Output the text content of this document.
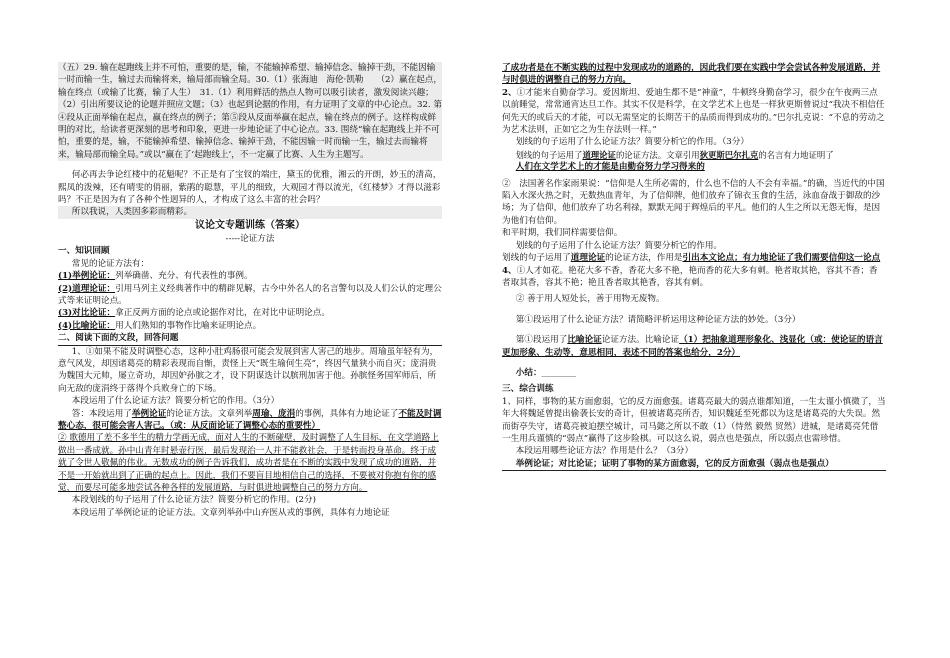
（五）29. 输在起跑线上并不可怕，重要的是，输，不能输掉希望、输掉信念、输掉干劲，不能因输一时而输一生，输过去而输将来，输局部而输全局。30.（1）张海迪　海伦·凯勒　　（2）赢在起点，输在终点（或输了比赛，输了人生）　31.（1）利用鲜活的热点人物可以吸引读者，激发阅读兴趣；（2）引出所要议论的论题并照应文题；（3）也起到论据的作用，有力证明了文章的中心论点。32. 第④段从正面举输在起点，赢在终点的例子；第⑤段从反面举赢在起点，输在终点的例子。这样构成鲜明的对比，给读者更深刻的思考和印象，更进一步地论证了中心论点。33. 围绕“输在起跑线上并不可怕，重要的是，输，不能输掉希望、输掉信念、输掉干劲，不能因输一时而输一生，输过去而输将来，输局部而输全局。”或以“赢在了‘起跑线上’，不一定赢了比赛、人生为主题写。

何必再去争论红楼中的花魁呢？不正是有了宝钗的端庄，黛玉的优雅，湘云的开朗，妙玉的清高，熙凤的泼辣，还有晴雯的俏丽，紫鹃的聪慧，平儿的细致，大观园才得以流光，《红楼梦》才得以滋彩吗？不正是因为有了各种个性迥异的人，才构成了这么丰富的社会吗？

所以我说，人类因多彩而精彩。

议论文专题训练（答案）

-----论证方法

一、知识回顾

常见的论证方法有：

(1)举例论证：列举确凿、充分、有代表性的事例。

(2)道理论证：引用马列主义经典著作中的精辟见解，古今中外名人的名言警句以及人们公认的定理公式等来证明论点。

(3)对比论证：拿正反两方面的论点或论据作对比，在对比中证明论点。

(4)比喻论证：用人们熟知的事物作比喻来证明论点。

二、阅读下面的文段，回答问题

1、①如果不能及时调整心态，这种小肚鸡肠很可能会发展到害人害己的地步。周瑜虽年轻有为，意气风发，却因诸葛亮的精彩表现而自惭，责怪上天“既生瑜何生亮”，终因气量狭小而自灭；庞涓贵为魏国大元帅，屡立奇功，却因妒孙膑之才，设下阴谋迭计以膑刑加害于他。孙膑怪务国军师后，所向无敌的庞涓终于落得个兵败身亡的下场。

本段运用了什么论证方法？简要分析它的作用。（3分）

答：本段运用了举例论证的论证方法。文章列举周瑜、庞涓的事例，具体有力地论证了不能及时调整心态，很可能会害人害己。（或：从反面论证了调整心态的重要性）

② 歌德用了差不多半生的精力学画无成，面对人生的不断碰壁，及时调整了人生目标，在文学道路上做出一番成就。孙中山青年时悬壶行医，最后发现治一人并不能救社会，于是转而投身革命。终于成就了令世人敬佩的伟业。无数成功的例子告诉我们，成功者是在不断的实践中发现了成功的道路，并不是一开始就出到了正确的起点上。因此，我们不要盲目地相信自己的选择，不要被对你抱有你的感觉，而要尽可能多地尝试各种各样的发展道路，与时俱进地调整自己的努力方向。

本段划线的句子运用了什么论证方法？简要分析它的作用。(2分)

本段运用了举例论证的论证方法。文章列举孙中山弃医从戎的事例，具体有力地论证

了成功者是在不断实践的过程中发现成功的道路的，因此我们要在实践中学会尝试各种发展道路，并与时俱进的调整自己的努力方向。

2、①才能来自勤奋学习。爱因斯坦、爱迪生都不是“神童”，牛顿终身勤奋学习，很少在午夜两三点以前睡觉，常常通宵达旦工作。其实不仅是科学，在文学艺术上也是一样狄更斯曾说过“我决不相信任何先天的或后天的才能，可以无需坚定的长期苦干的品质而得到成功的。”巴尔扎克说：“不息的劳动之为艺术法则，正如它之为生存法则一样。”

划线的句子运用了什么论证方法？简要分析它的作用。（3分）

划线的句子运用了道理论证的论证方法。文章引用狄更斯巴尔扎克的名言有力地证明了

人们在文学艺术上的才能是由勤奋努力学习得来的

②　法国著名作家雨果说：“信仰是人生所必需的，什么也不信的人不会有幸福。”的确，当近代的中国陷入水深火热之时，无数热血青年，为了信仰牌，他们放弃了锦衣玉食的生活，泳血奋战于御敌的沙场；为了信仰，他们放弃了功名利禄，默默无闻于辉煌后的平凡。他们的人生之所以无怨无悔，是因为他们有信仰。

和平时期，我们同样需要信仰。

划线的句子运用了什么论证方法？简要分析它的作用。

划线的句子运用了道理论证的论证方法，作用是引出本文论点；有力地论证了我们需要信仰这一论点

4、①人才如花。艳花大多不香，香花大多不艳，艳而香的花大多有刺。艳者取其艳，容其不香；香者取其香，容其不艳；艳且香者取其艳香，容其有刺。

② 善于用人短处长，善于用物无废物。

第①段运用了什么论证方法？请简略评析运用这种论证方法的妙处。（3分）

第①段运用了比喻论证论证方法。比喻论证（1）把抽象道理形象化、浅显化（或：使论证的语言更加形象、生动等，意思相同，表述不同的答案也给分，2分）

小结：________

三、综合训练

1、同样，事物的某方面愈弱，它的反方面愈强。诸葛亮最大的弱点谁都知道，一生太谨小慎微了，当年大将魏延曾提出偷袭长安的奇计，但被诸葛亮所否，知识魏延至死都以为这是诸葛亮的大失误。然而街亭失守，诸葛亮被迫摆空城计，司马懿之所以不敢（1）（恃然 毅然 贸然）进城，是诸葛亮凭借一生用兵谨慎的“弱点”赢得了这步险棋。可以这么说，弱点也是强点，所以弱点也需珍惜。

本段运用哪些论证方法？作用是什么？（3分）

举例论证；对比论证；证明了事物的某方面愈弱，它的反方面愈强（弱点也是强点）
